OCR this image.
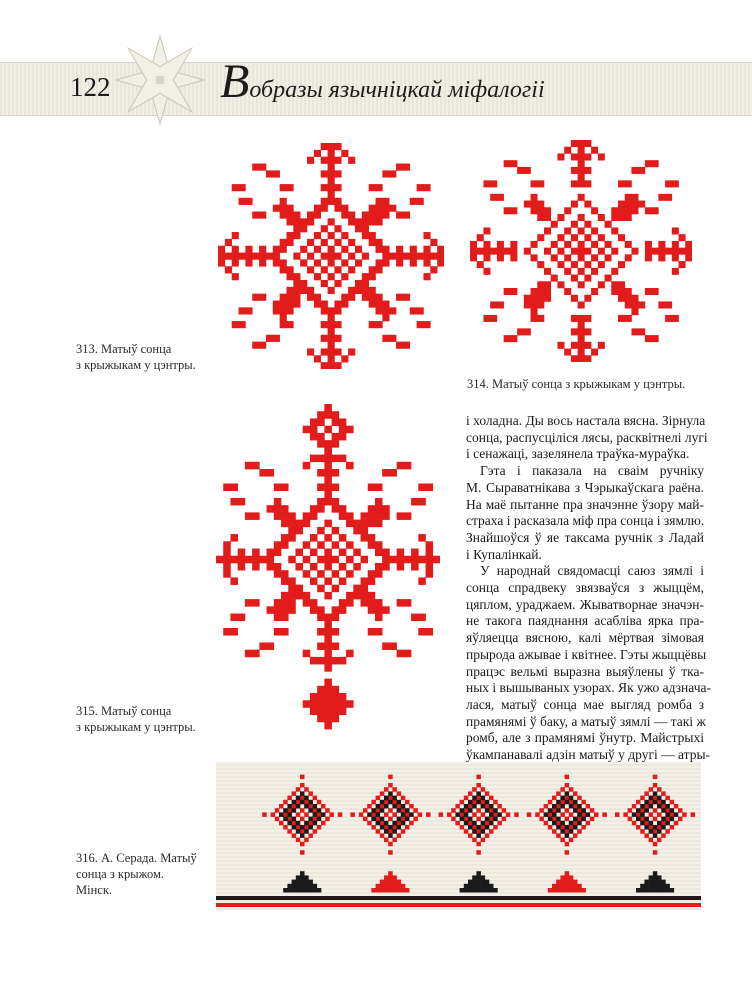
122 Вобразы язычніцкай міфалогіі
313. Матыў сонца
з крыжыкам у цэнтры.
314. Матыў сонца з крыжыкам у цэнтры.
315. Матыў сонца
з крыжыкам у цэнтры.
316. А. Серада. Матыў
сонца з крыжом.
Мінск.
і холадна. Ды вось настала вясна. Зірнула
сонца, распусціліся лясы, расквітнелі лугі
і сенажаці, зазелянела траўка-мураўка.
Гэта і паказала на сваім ручніку
М. Сыраватнікава з Чэрыкаўскага раёна.
На маё пытанне пра значэнне ўзору май-
страха і расказала міф пра сонца і зямлю.
Знайшоўся ў яе таксама ручнік з Ладай
і Купалінкай.
У народнай свядомасці саюз зямлі і
сонца спрадвеку звязваўся з жыццём,
цяплом, ураджаем. Жыватворнае значэн-
не такога паяднання асабліва ярка пра-
яўляецца вясною, калі мёртвая зімовая
прырода ажывае і квітнее. Гэты жыццёвы
працэс вельмі выразна выяўлены ў тка-
ных і вышываных узорах. Як ужо адзнача-
лася, матыў сонца мае выгляд ромба з
прамянямі ў баку, а матыў зямлі — такі ж
ромб, але з прамянямі ўнутр. Майстрыхі
ўкампанавалі адзін матыў у другі — атры-
